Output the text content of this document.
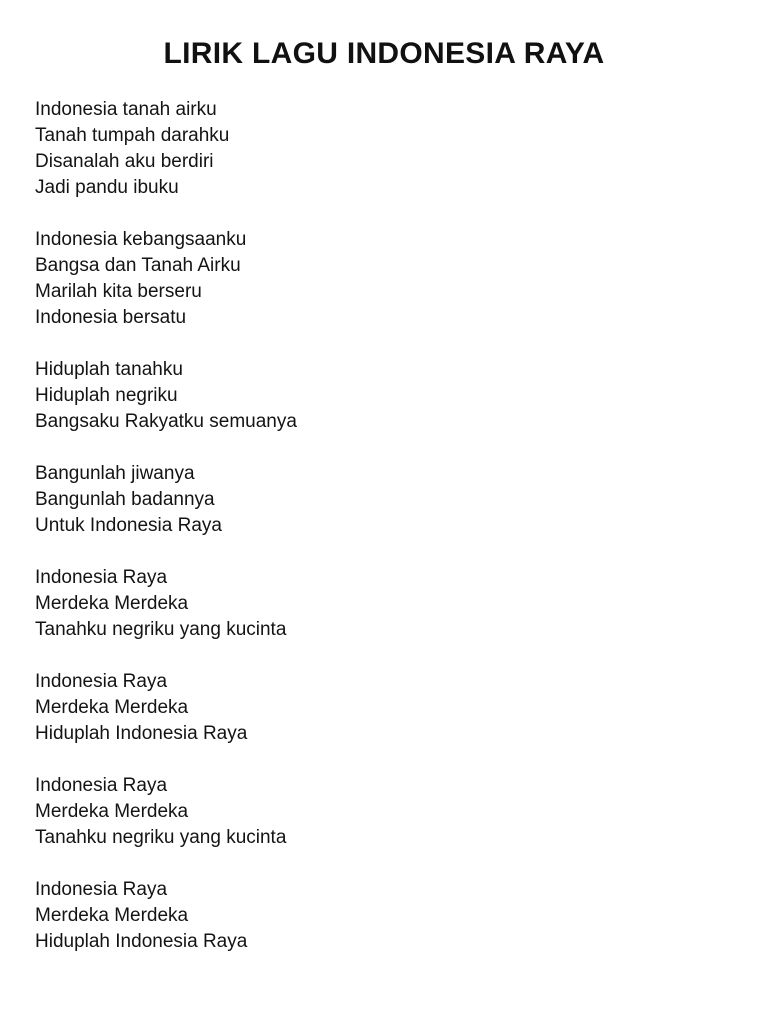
LIRIK LAGU INDONESIA RAYA
Indonesia tanah airku
Tanah tumpah darahku
Disanalah aku berdiri
Jadi pandu ibuku
Indonesia kebangsaanku
Bangsa dan Tanah Airku
Marilah kita berseru
Indonesia bersatu
Hiduplah tanahku
Hiduplah negriku
Bangsaku Rakyatku semuanya
Bangunlah jiwanya
Bangunlah badannya
Untuk Indonesia Raya
Indonesia Raya
Merdeka Merdeka
Tanahku negriku yang kucinta
Indonesia Raya
Merdeka Merdeka
Hiduplah Indonesia Raya
Indonesia Raya
Merdeka Merdeka
Tanahku negriku yang kucinta
Indonesia Raya
Merdeka Merdeka
Hiduplah Indonesia Raya
